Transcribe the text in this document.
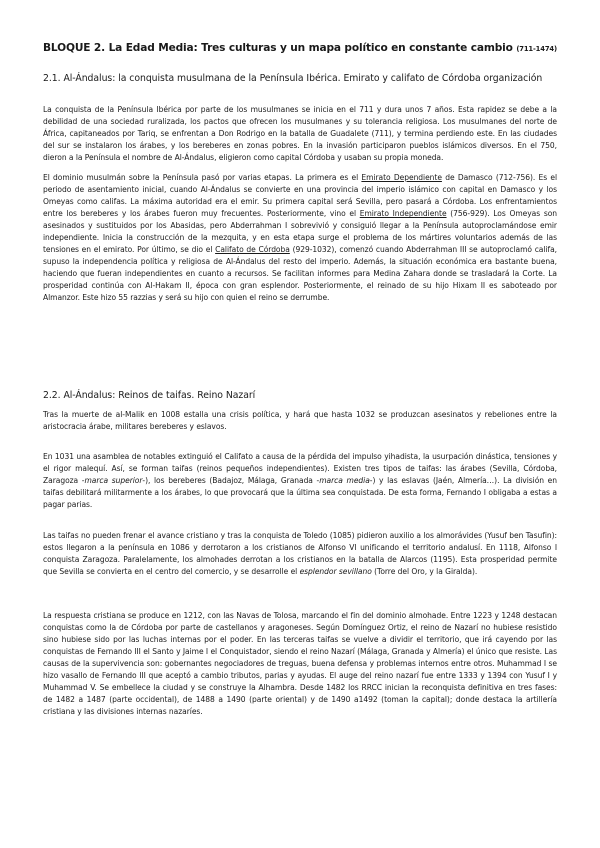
BLOQUE 2. La Edad Media: Tres culturas y un mapa político en constante cambio (711-1474)
2.1. Al-Ándalus: la conquista musulmana de la Península Ibérica. Emirato y califato de Córdoba organización
La conquista de la Península Ibérica por parte de los musulmanes se inicia en el 711 y dura unos 7 años. Esta rapidez se debe a la debilidad de una sociedad ruralizada, los pactos que ofrecen los musulmanes y su tolerancia religiosa. Los musulmanes del norte de África, capitaneados por Tariq, se enfrentan a Don Rodrigo en la batalla de Guadalete (711), y termina perdiendo este. En las ciudades del sur se instalaron los árabes, y los bereberes en zonas pobres. En la invasión participaron pueblos islámicos diversos. En el 750, dieron a la Península el nombre de Al-Ándalus, eligieron como capital Córdoba y usaban su propia moneda.
El dominio musulmán sobre la Península pasó por varias etapas. La primera es el Emirato Dependiente de Damasco (712-756). Es el periodo de asentamiento inicial, cuando Al-Ándalus se convierte en una provincia del imperio islámico con capital en Damasco y los Omeyas como califas. La máxima autoridad era el emir. Su primera capital será Sevilla, pero pasará a Córdoba. Los enfrentamientos entre los bereberes y los árabes fueron muy frecuentes. Posteriormente, vino el Emirato Independiente (756-929). Los Omeyas son asesinados y sustituidos por los Abasidas, pero Abderrahman I sobrevivió y consiguió llegar a la Península autoproclamándose emir independiente. Inicia la construcción de la mezquita, y en esta etapa surge el problema de los mártires voluntarios además de las tensiones en el emirato. Por último, se dio el Califato de Córdoba (929-1032), comenzó cuando Abderrahman III se autoproclamó califa, supuso la independencia política y religiosa de Al-Ándalus del resto del imperio. Además, la situación económica era bastante buena, haciendo que fueran independientes en cuanto a recursos. Se facilitan informes para Medina Zahara donde se trasladará la Corte. La prosperidad continúa con Al-Hakam II, época con gran esplendor. Posteriormente, el reinado de su hijo Hixam II es saboteado por Almanzor. Este hizo 55 razzias y será su hijo con quien el reino se derrumbe.
2.2. Al-Ándalus: Reinos de taifas. Reino Nazarí
Tras la muerte de al-Malik en 1008 estalla una crisis política, y hará que hasta 1032 se produzcan asesinatos y rebeliones entre la aristocracia árabe, militares bereberes y eslavos.
En 1031 una asamblea de notables extinguió el Califato a causa de la pérdida del impulso yihadista, la usurpación dinástica, tensiones y el rigor malequí. Así, se forman taifas (reinos pequeños independientes). Existen tres tipos de taifas: las árabes (Sevilla, Córdoba, Zaragoza -marca superior-), los bereberes (Badajoz, Málaga, Granada -marca media-) y las eslavas (Jaén, Almería…). La división en taifas debilitará militarmente a los árabes, lo que provocará que la última sea conquistada. De esta forma, Fernando I obligaba a estas a pagar parias.
Las taifas no pueden frenar el avance cristiano y tras la conquista de Toledo (1085) pidieron auxilio a los almorávides (Yusuf ben Tasufin): estos llegaron a la península en 1086 y derrotaron a los cristianos de Alfonso VI unificando el territorio andalusí. En 1118, Alfonso I conquista Zaragoza. Paralelamente, los almohades derrotan a los cristianos en la batalla de Alarcos (1195). Esta prosperidad permite que Sevilla se convierta en el centro del comercio, y se desarrolle el esplendor sevillano (Torre del Oro, y la Giralda).
La respuesta cristiana se produce en 1212, con las Navas de Tolosa, marcando el fin del dominio almohade. Entre 1223 y 1248 destacan conquistas como la de Córdoba por parte de castellanos y aragoneses. Según Domínguez Ortiz, el reino de Nazarí no hubiese resistido sino hubiese sido por las luchas internas por el poder. En las terceras taifas se vuelve a dividir el territorio, que irá cayendo por las conquistas de Fernando III el Santo y Jaime I el Conquistador, siendo el reino Nazarí (Málaga, Granada y Almería) el único que resiste. Las causas de la supervivencia son: gobernantes negociadores de treguas, buena defensa y problemas internos entre otros. Muhammad I se hizo vasallo de Fernando III que aceptó a cambio tributos, parias y ayudas. El auge del reino nazarí fue entre 1333 y 1394 con Yusuf I y Muhammad V. Se embellece la ciudad y se construye la Alhambra. Desde 1482 los RRCC inician la reconquista definitiva en tres fases: de 1482 a 1487 (parte occidental), de 1488 a 1490 (parte oriental) y de 1490 a1492 (toman la capital); donde destaca la artillería cristiana y las divisiones internas nazaríes.
